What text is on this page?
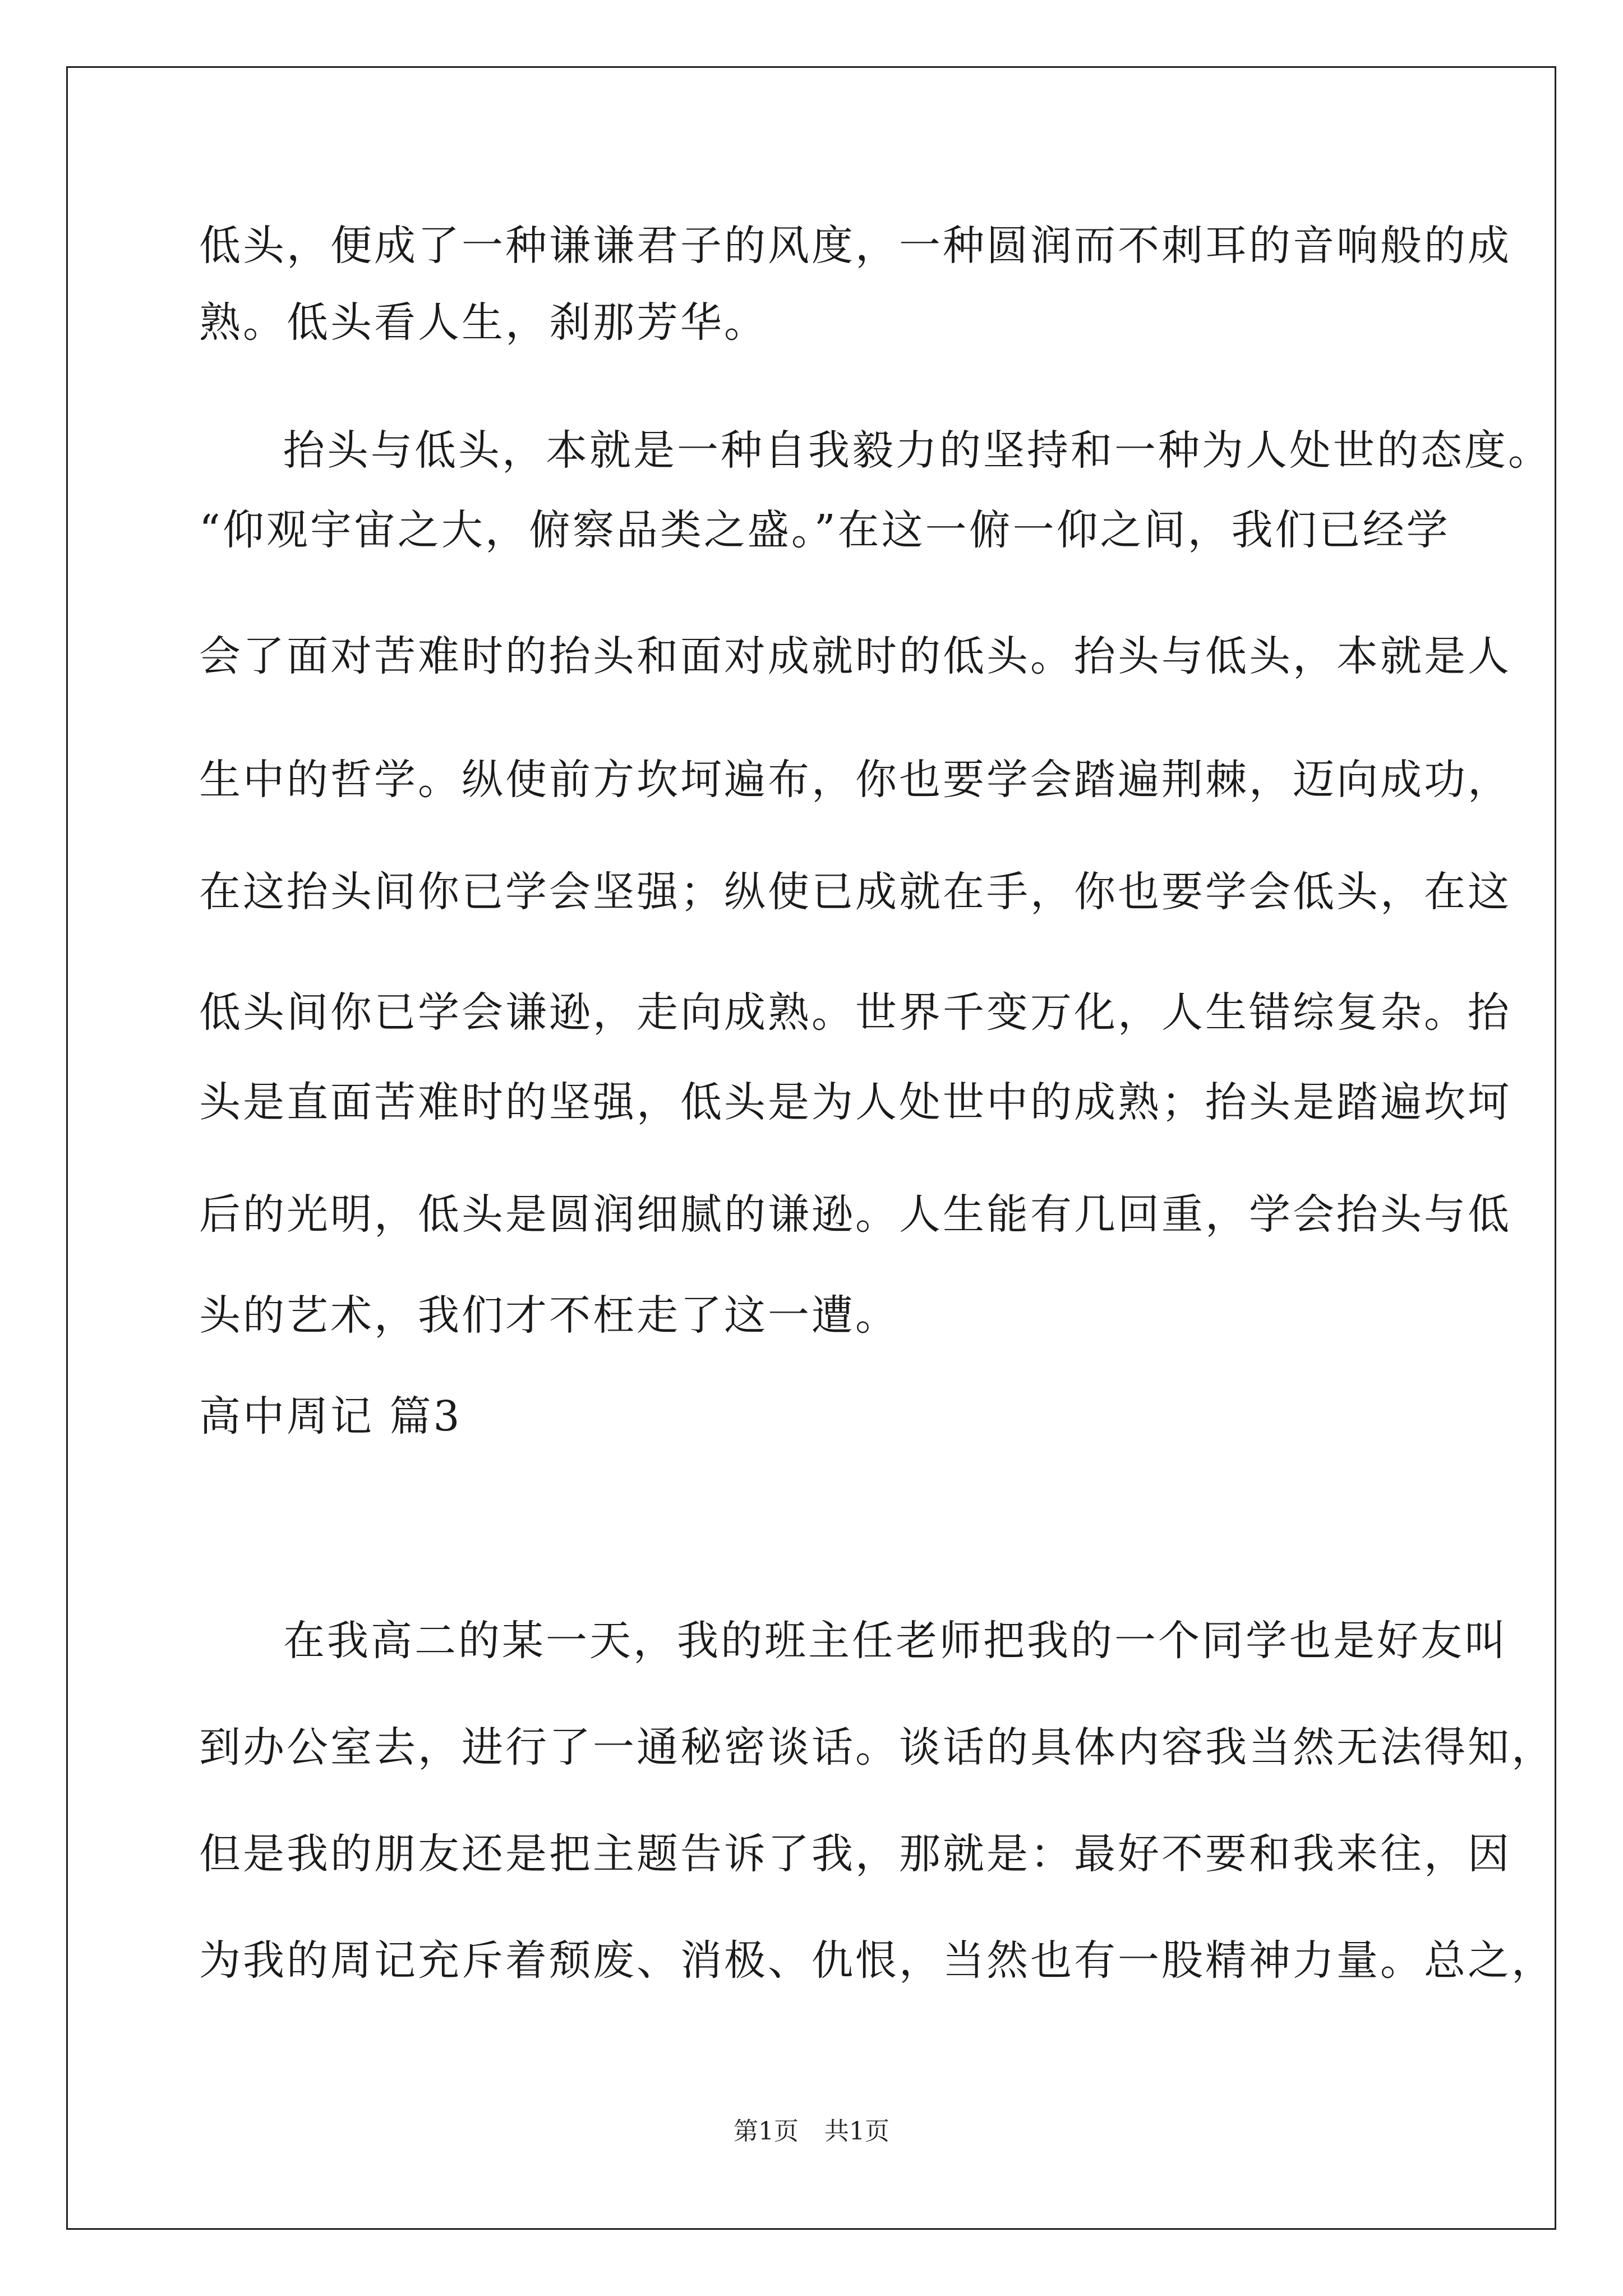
低头，便成了一种谦谦君子的风度，一种圆润而不刺耳的音响般的成
熟。低头看人生，刹那芳华。
抬头与低头，本就是一种自我毅力的坚持和一种为人处世的态度。
“仰观宇宙之大，俯察品类之盛。”在这一俯一仰之间，我们已经学
会了面对苦难时的抬头和面对成就时的低头。抬头与低头，本就是人
生中的哲学。纵使前方坎坷遍布，你也要学会踏遍荆棘，迈向成功，
在这抬头间你已学会坚强；纵使已成就在手，你也要学会低头，在这
低头间你已学会谦逊，走向成熟。世界千变万化，人生错综复杂。抬
头是直面苦难时的坚强，低头是为人处世中的成熟；抬头是踏遍坎坷
后的光明，低头是圆润细腻的谦逊。人生能有几回重，学会抬头与低
头的艺术，我们才不枉走了这一遭。
高中周记 篇3
在我高二的某一天，我的班主任老师把我的一个同学也是好友叫
到办公室去，进行了一通秘密谈话。谈话的具体内容我当然无法得知，
但是我的朋友还是把主题告诉了我，那就是：最好不要和我来往，因
为我的周记充斥着颓废、消极、仇恨，当然也有一股精神力量。总之，
第1页 共1页
